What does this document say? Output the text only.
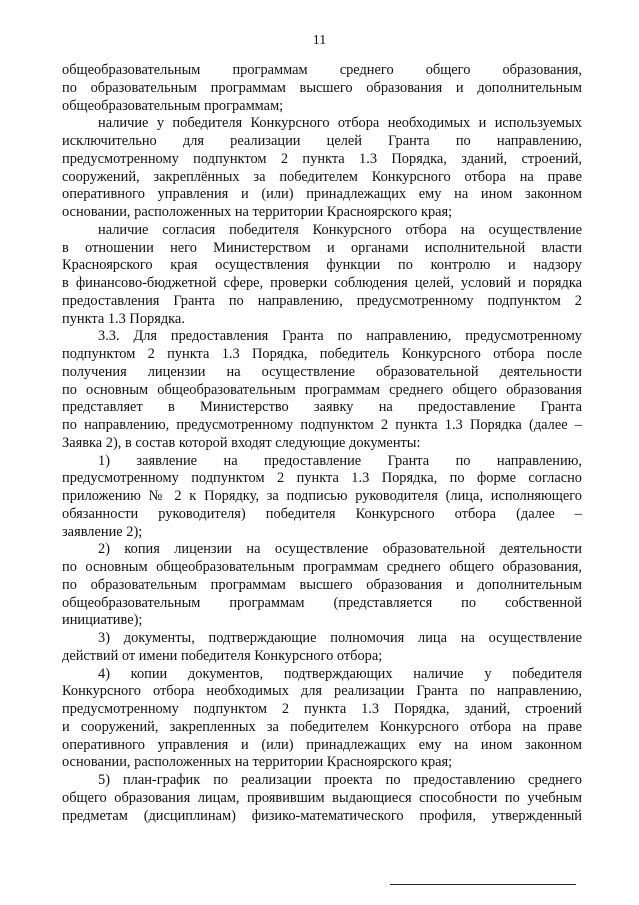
11
общеобразовательным программам среднего общего образования,
по образовательным программам высшего образования и дополнительным
общеобразовательным программам;
наличие у победителя Конкурсного отбора необходимых и используемых
исключительно для реализации целей Гранта по направлению,
предусмотренному подпунктом 2 пункта 1.3 Порядка, зданий, строений,
сооружений, закреплённых за победителем Конкурсного отбора на праве
оперативного управления и (или) принадлежащих ему на ином законном
основании, расположенных на территории Красноярского края;
наличие согласия победителя Конкурсного отбора на осуществление
в отношении него Министерством и органами исполнительной власти
Красноярского края осуществления функции по контролю и надзору
в финансово-бюджетной сфере, проверки соблюдения целей, условий и порядка
предоставления Гранта по направлению, предусмотренному подпунктом 2
пункта 1.3 Порядка.
3.3. Для предоставления Гранта по направлению, предусмотренному
подпунктом 2 пункта 1.3 Порядка, победитель Конкурсного отбора после
получения лицензии на осуществление образовательной деятельности
по основным общеобразовательным программам среднего общего образования
представляет в Министерство заявку на предоставление Гранта
по направлению, предусмотренному подпунктом 2 пункта 1.3 Порядка (далее –
Заявка 2), в состав которой входят следующие документы:
1) заявление на предоставление Гранта по направлению,
предусмотренному подпунктом 2 пункта 1.3 Порядка, по форме согласно
приложению № 2 к Порядку, за подписью руководителя (лица, исполняющего
обязанности руководителя) победителя Конкурсного отбора (далее –
заявление 2);
2) копия лицензии на осуществление образовательной деятельности
по основным общеобразовательным программам среднего общего образования,
по образовательным программам высшего образования и дополнительным
общеобразовательным программам (представляется по собственной
инициативе);
3) документы, подтверждающие полномочия лица на осуществление
действий от имени победителя Конкурсного отбора;
4) копии документов, подтверждающих наличие у победителя
Конкурсного отбора необходимых для реализации Гранта по направлению,
предусмотренному подпунктом 2 пункта 1.3 Порядка, зданий, строений
и сооружений, закрепленных за победителем Конкурсного отбора на праве
оперативного управления и (или) принадлежащих ему на ином законном
основании, расположенных на территории Красноярского края;
5) план-график по реализации проекта по предоставлению среднего
общего образования лицам, проявившим выдающиеся способности по учебным
предметам (дисциплинам) физико-математического профиля, утвержденный
